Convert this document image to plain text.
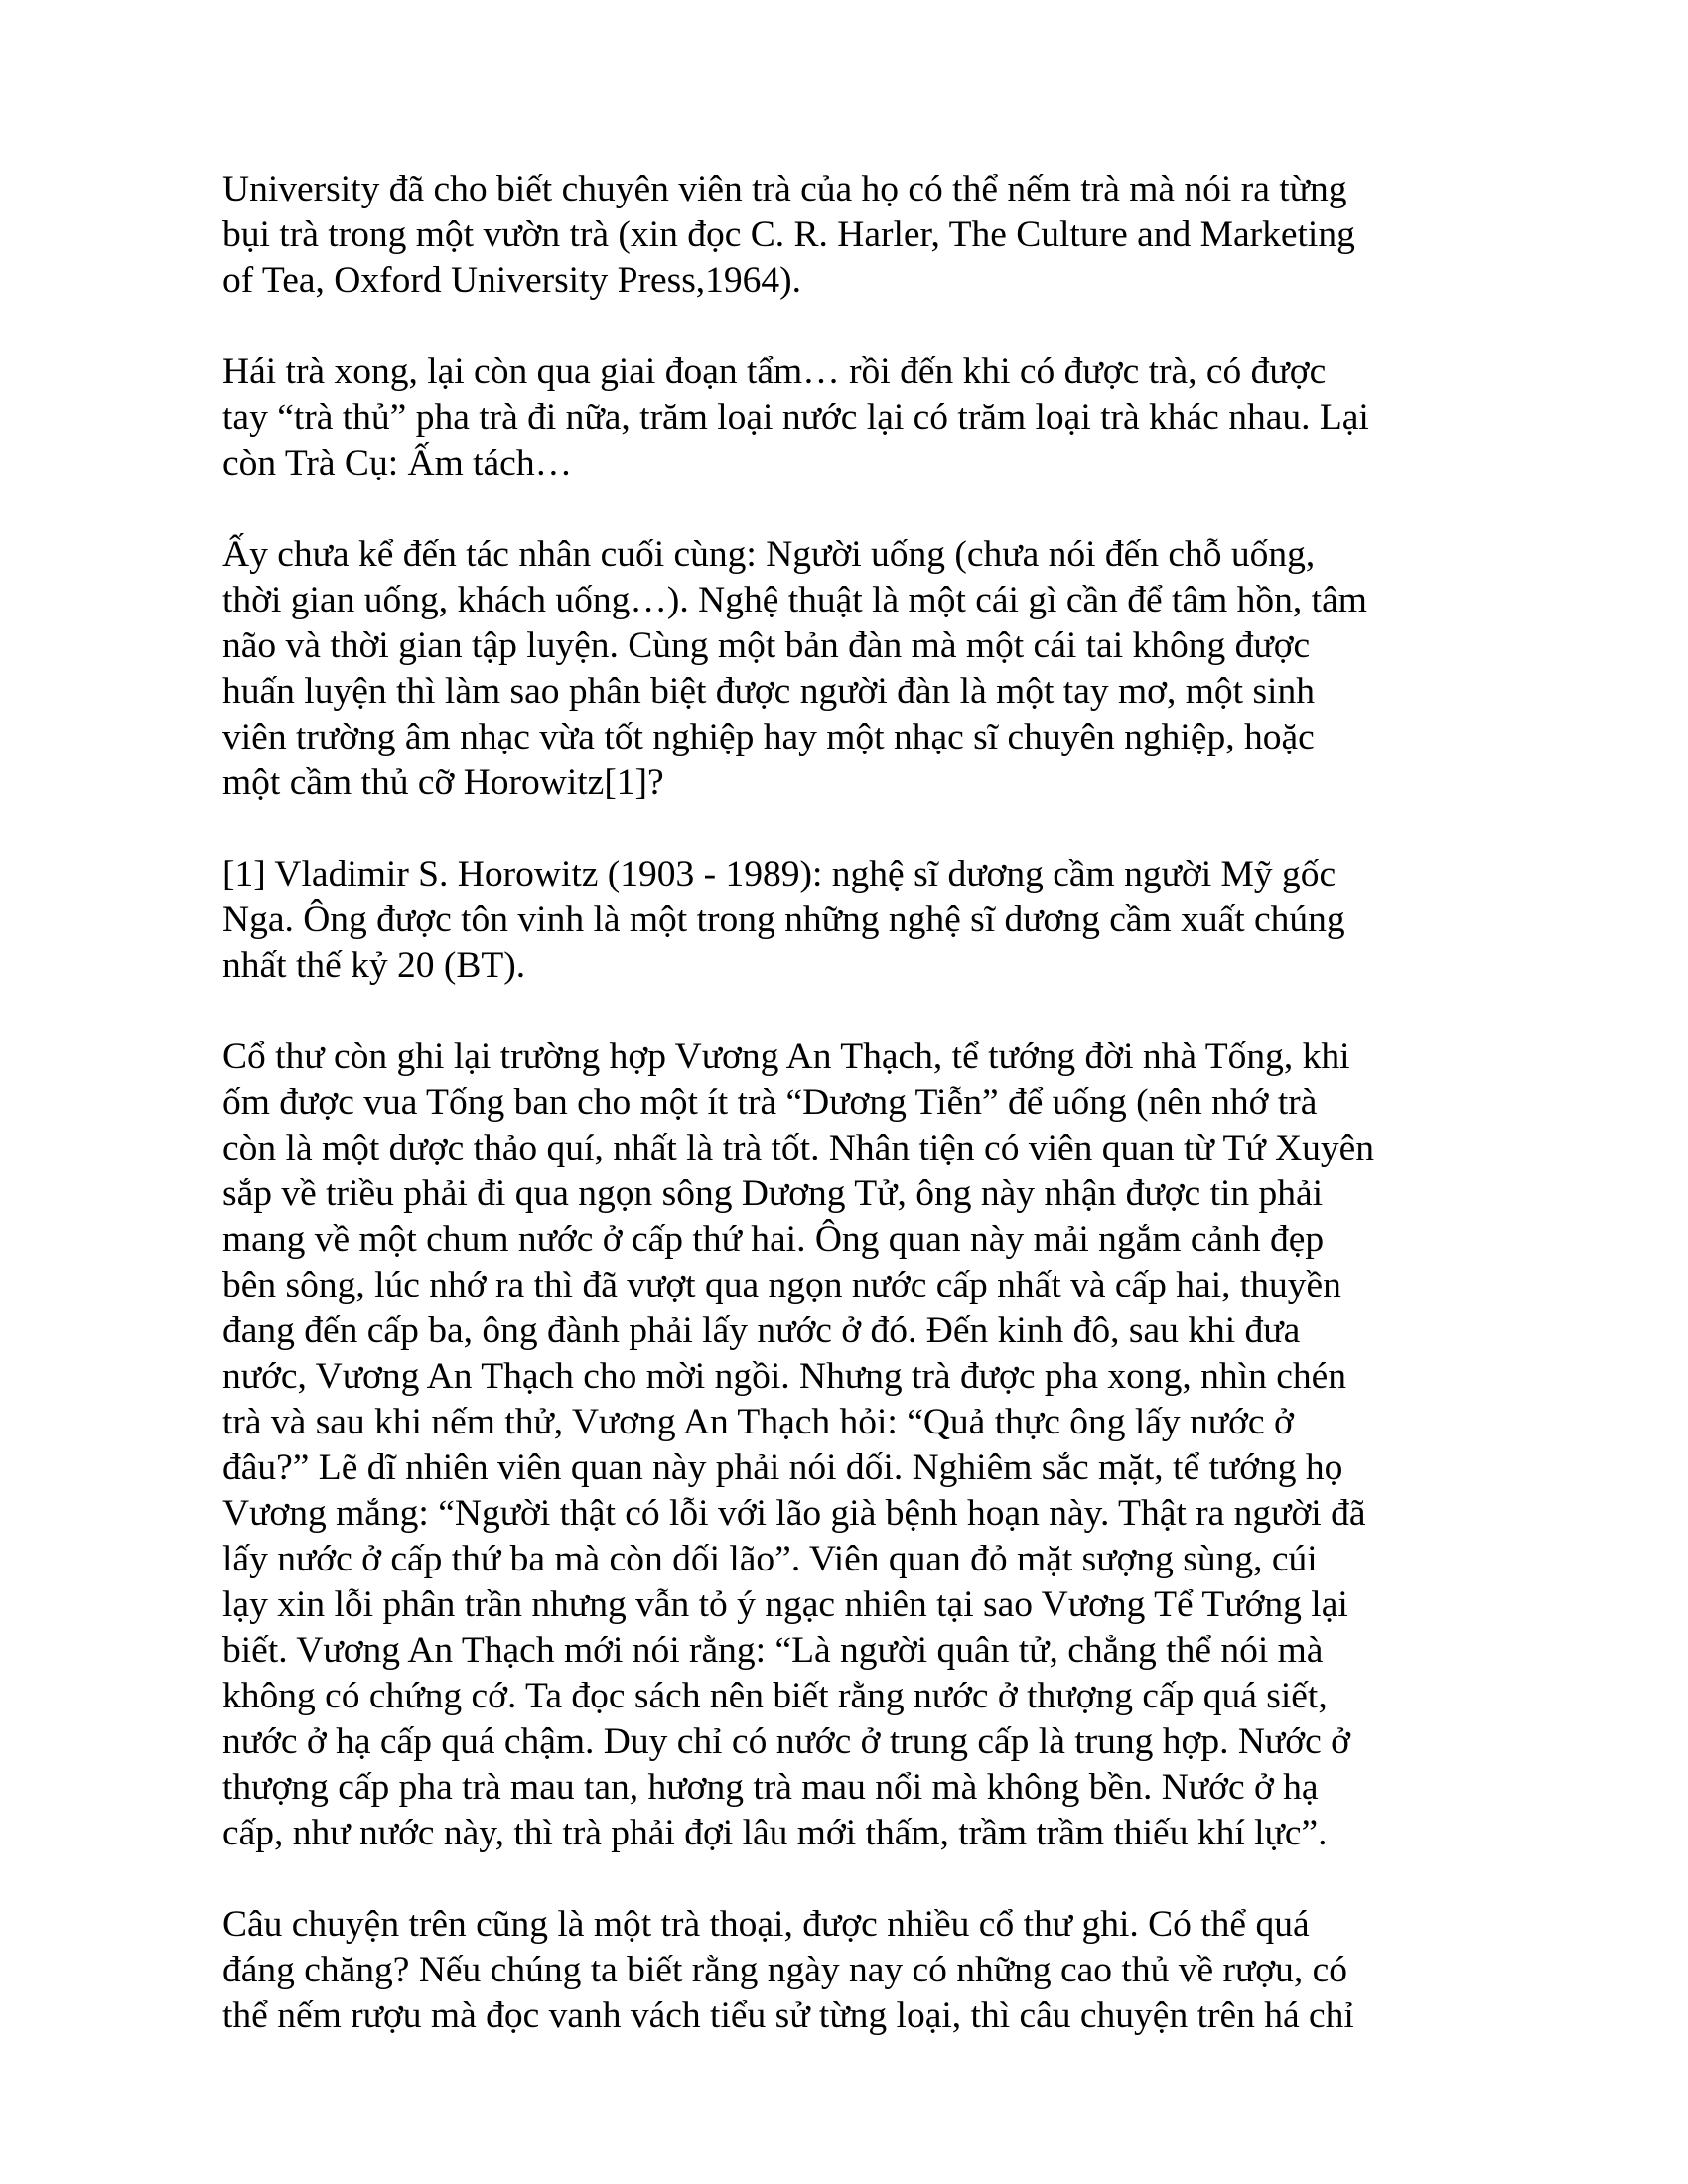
University đã cho biết chuyên viên trà của họ có thể nếm trà mà nói ra từng
bụi trà trong một vườn trà (xin đọc C. R. Harler, The Culture and Marketing
of Tea, Oxford University Press,1964).
Hái trà xong, lại còn qua giai đoạn tẩm… rồi đến khi có được trà, có được
tay “trà thủ” pha trà đi nữa, trăm loại nước lại có trăm loại trà khác nhau. Lại
còn Trà Cụ: Ấm tách…
Ấy chưa kể đến tác nhân cuối cùng: Người uống (chưa nói đến chỗ uống,
thời gian uống, khách uống…). Nghệ thuật là một cái gì cần để tâm hồn, tâm
não và thời gian tập luyện. Cùng một bản đàn mà một cái tai không được
huấn luyện thì làm sao phân biệt được người đàn là một tay mơ, một sinh
viên trường âm nhạc vừa tốt nghiệp hay một nhạc sĩ chuyên nghiệp, hoặc
một cầm thủ cỡ Horowitz[1]?
[1] Vladimir S. Horowitz (1903 - 1989): nghệ sĩ dương cầm người Mỹ gốc
Nga. Ông được tôn vinh là một trong những nghệ sĩ dương cầm xuất chúng
nhất thế kỷ 20 (BT).
Cổ thư còn ghi lại trường hợp Vương An Thạch, tể tướng đời nhà Tống, khi
ốm được vua Tống ban cho một ít trà “Dương Tiễn” để uống (nên nhớ trà
còn là một dược thảo quí, nhất là trà tốt. Nhân tiện có viên quan từ Tứ Xuyên
sắp về triều phải đi qua ngọn sông Dương Tử, ông này nhận được tin phải
mang về một chum nước ở cấp thứ hai. Ông quan này mải ngắm cảnh đẹp
bên sông, lúc nhớ ra thì đã vượt qua ngọn nước cấp nhất và cấp hai, thuyền
đang đến cấp ba, ông đành phải lấy nước ở đó. Đến kinh đô, sau khi đưa
nước, Vương An Thạch cho mời ngồi. Nhưng trà được pha xong, nhìn chén
trà và sau khi nếm thử, Vương An Thạch hỏi: “Quả thực ông lấy nước ở
đâu?” Lẽ dĩ nhiên viên quan này phải nói dối. Nghiêm sắc mặt, tể tướng họ
Vương mắng: “Người thật có lỗi với lão già bệnh hoạn này. Thật ra người đã
lấy nước ở cấp thứ ba mà còn dối lão”. Viên quan đỏ mặt sượng sùng, cúi
lạy xin lỗi phân trần nhưng vẫn tỏ ý ngạc nhiên tại sao Vương Tể Tướng lại
biết. Vương An Thạch mới nói rằng: “Là người quân tử, chẳng thể nói mà
không có chứng cớ. Ta đọc sách nên biết rằng nước ở thượng cấp quá siết,
nước ở hạ cấp quá chậm. Duy chỉ có nước ở trung cấp là trung hợp. Nước ở
thượng cấp pha trà mau tan, hương trà mau nổi mà không bền. Nước ở hạ
cấp, như nước này, thì trà phải đợi lâu mới thấm, trầm trầm thiếu khí lực”.
Câu chuyện trên cũng là một trà thoại, được nhiều cổ thư ghi. Có thể quá
đáng chăng? Nếu chúng ta biết rằng ngày nay có những cao thủ về rượu, có
thể nếm rượu mà đọc vanh vách tiểu sử từng loại, thì câu chuyện trên há chỉ
